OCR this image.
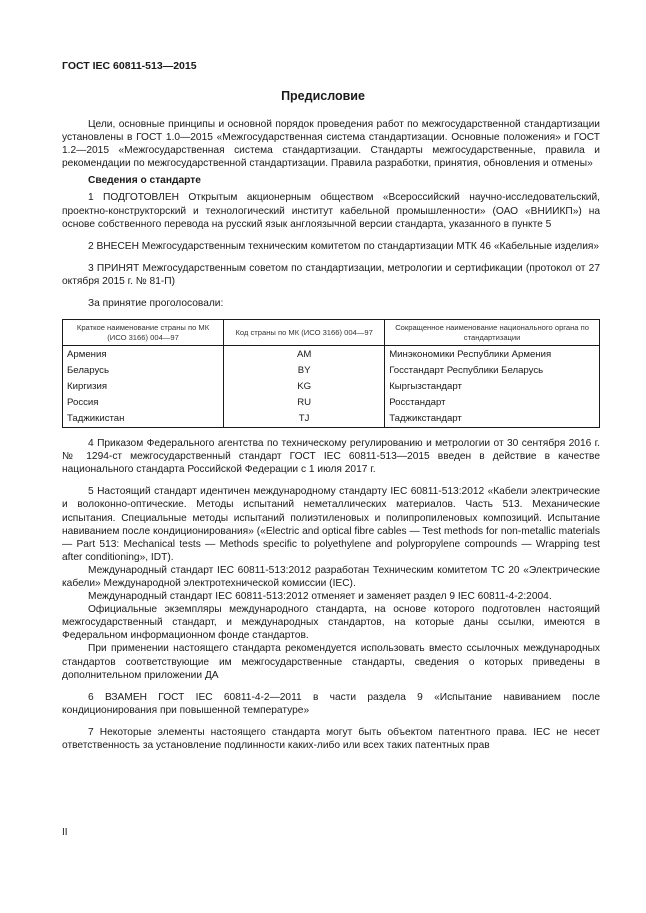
ГОСТ IEC 60811-513—2015
Предисловие

Цели, основные принципы и основной порядок проведения работ по межгосударственной стандартизации установлены в ГОСТ 1.0—2015 «Межгосударственная система стандартизации. Основные положения» и ГОСТ 1.2—2015 «Межгосударственная система стандартизации. Стандарты межгосударственные, правила и рекомендации по межгосударственной стандартизации. Правила разработки, принятия, обновления и отмены»

Сведения о стандарте

1 ПОДГОТОВЛЕН Открытым акционерным обществом «Всероссийский научно-исследовательский, проектно-конструкторский и технологический институт кабельной промышленности» (ОАО «ВНИИКП») на основе собственного перевода на русский язык англоязычной версии стандарта, указанного в пункте 5

2 ВНЕСЕН Межгосударственным техническим комитетом по стандартизации МТК 46 «Кабельные изделия»

3 ПРИНЯТ Межгосударственным советом по стандартизации, метрологии и сертификации (протокол от 27 октября 2015 г. № 81-П)

За принятие проголосовали:

Краткое наименование страны по МК (ИСО 3166) 004—97	Код страны по МК (ИСО 3166) 004—97	Сокращенное наименование национального органа по стандартизации
Армения	AM	Минэкономики Республики Армения
Беларусь	BY	Госстандарт Республики Беларусь
Киргизия	KG	Кыргызстандарт
Россия	RU	Росстандарт
Таджикистан	TJ	Таджикстандарт

4 Приказом Федерального агентства по техническому регулированию и метрологии от 30 сентября 2016 г. № 1294-ст межгосударственный стандарт ГОСТ IEC 60811-513—2015 введен в действие в качестве национального стандарта Российской Федерации с 1 июля 2017 г.

5 Настоящий стандарт идентичен международному стандарту IEC 60811-513:2012 «Кабели электрические и волоконно-оптические. Методы испытаний неметаллических материалов. Часть 513. Механические испытания. Специальные методы испытаний полиэтиленовых и полипропиленовых композиций. Испытание навиванием после кондиционирования» («Electric and optical fibre cables — Test methods for non-metallic materials — Part 513: Mechanical tests — Methods specific to polyethylene and polypropylene compounds — Wrapping test after conditioning», IDT).

Международный стандарт IEC 60811-513:2012 разработан Техническим комитетом ТС 20 «Электрические кабели» Международной электротехнической комиссии (IEC).

Международный стандарт IEC 60811-513:2012 отменяет и заменяет раздел 9 IEC 60811-4-2:2004.

Официальные экземпляры международного стандарта, на основе которого подготовлен настоящий межгосударственный стандарт, и международных стандартов, на которые даны ссылки, имеются в Федеральном информационном фонде стандартов.

При применении настоящего стандарта рекомендуется использовать вместо ссылочных международных стандартов соответствующие им межгосударственные стандарты, сведения о которых приведены в дополнительном приложении ДА

6 ВЗАМЕН ГОСТ IEC 60811-4-2—2011 в части раздела 9 «Испытание навиванием после кондиционирования при повышенной температуре»

7 Некоторые элементы настоящего стандарта могут быть объектом патентного права. IEC не несет ответственность за установление подлинности каких-либо или всех таких патентных прав

II
